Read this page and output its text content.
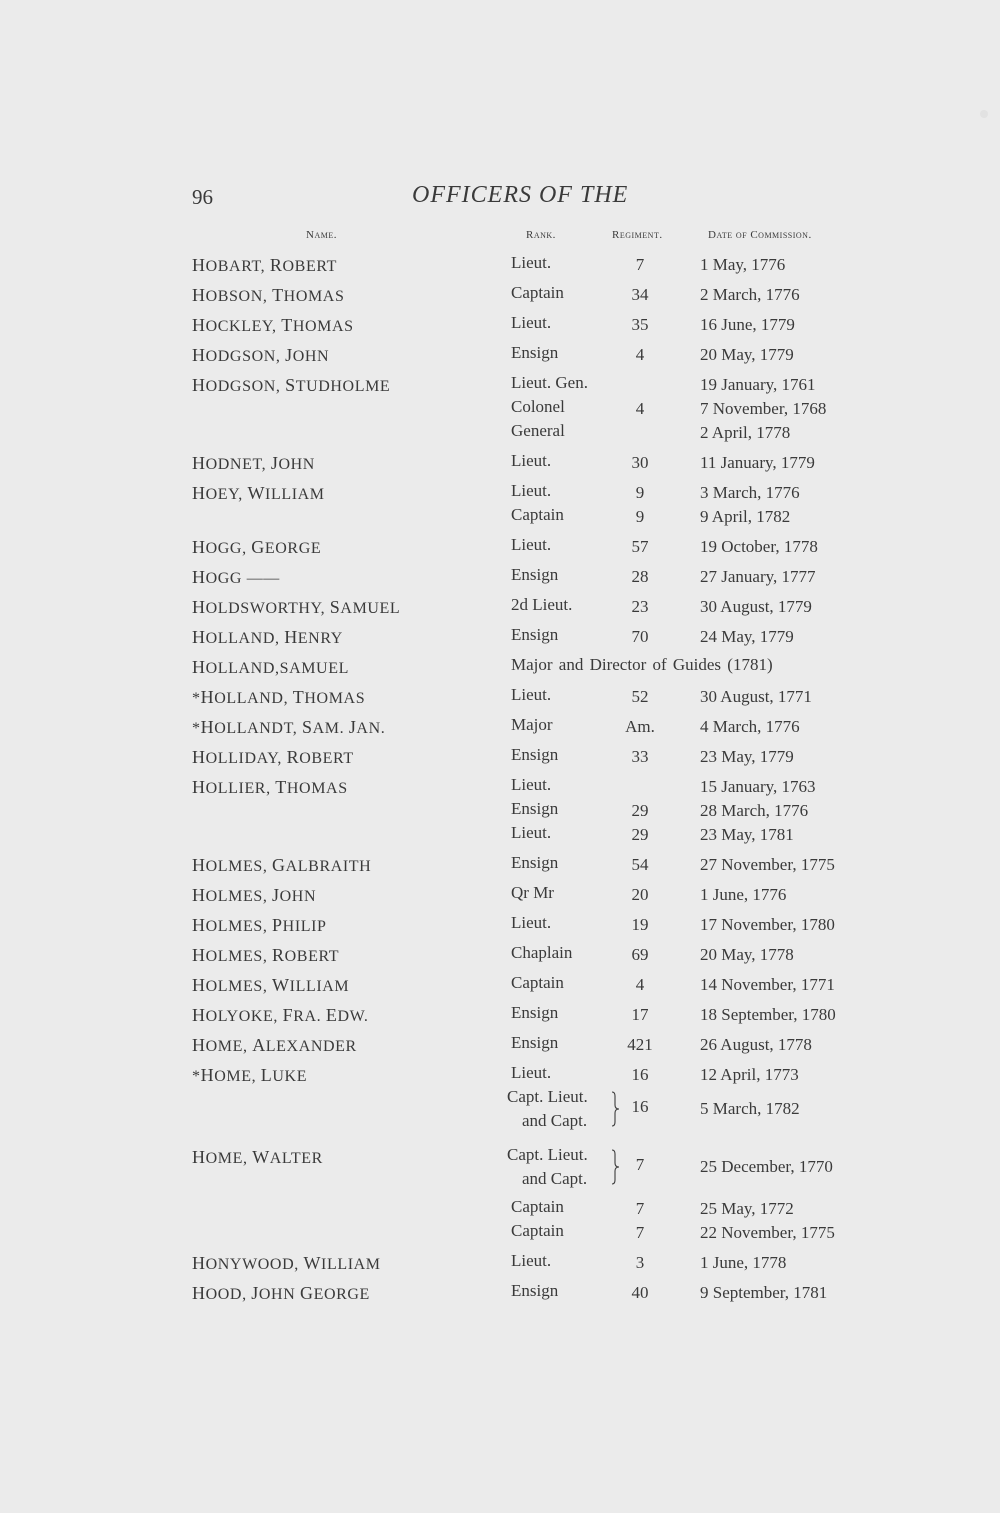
96	OFFICERS OF THE
Name.	Rank.	Regiment.	Date of Commission.
HOBART, ROBERT	Lieut.	7	1 May, 1776
HOBSON, THOMAS	Captain	34	2 March, 1776
HOCKLEY, THOMAS	Lieut.	35	16 June, 1779
HODGSON, JOHN	Ensign	4	20 May, 1779
HODGSON, STUDHOLME	Lieut. Gen.	19 January, 1761
Colonel	4	7 November, 1768
General	2 April, 1778
HODNET, JOHN	Lieut.	30	11 January, 1779
HOEY, WILLIAM	Lieut.	9	3 March, 1776
Captain	9	9 April, 1782
HOGG, GEORGE	Lieut.	57	19 October, 1778
HOGG ——	Ensign	28	27 January, 1777
HOLDSWORTHY, SAMUEL	2d Lieut.	23	30 August, 1779
HOLLAND, HENRY	Ensign	70	24 May, 1779
HOLLAND,SAMUEL	Major and Director of Guides (1781)
*HOLLAND, THOMAS	Lieut.	52	30 August, 1771
*HOLLANDT, SAM. JAN.	Major	Am.	4 March, 1776
HOLLIDAY, ROBERT	Ensign	33	23 May, 1779
HOLLIER, THOMAS	Lieut.	15 January, 1763
Ensign	29	28 March, 1776
Lieut.	29	23 May, 1781
HOLMES, GALBRAITH	Ensign	54	27 November, 1775
HOLMES, JOHN	Qr Mr	20	1 June, 1776
HOLMES, PHILIP	Lieut.	19	17 November, 1780
HOLMES, ROBERT	Chaplain	69	20 May, 1778
HOLMES, WILLIAM	Captain	4	14 November, 1771
HOLYOKE, FRA. EDW.	Ensign	17	18 September, 1780
HOME, ALEXANDER	Ensign	421	26 August, 1778
*HOME, LUKE	Lieut.	16	12 April, 1773
Capt. Lieut.
and Capt.
16	5 March, 1782
HOME, WALTER	Capt. Lieut.
and Capt.
7	25 December, 1770
Captain	7	25 May, 1772
Captain	7	22 November, 1775
HONYWOOD, WILLIAM	Lieut.	3	1 June, 1778
HOOD, JOHN GEORGE	Ensign	40	9 September, 1781
